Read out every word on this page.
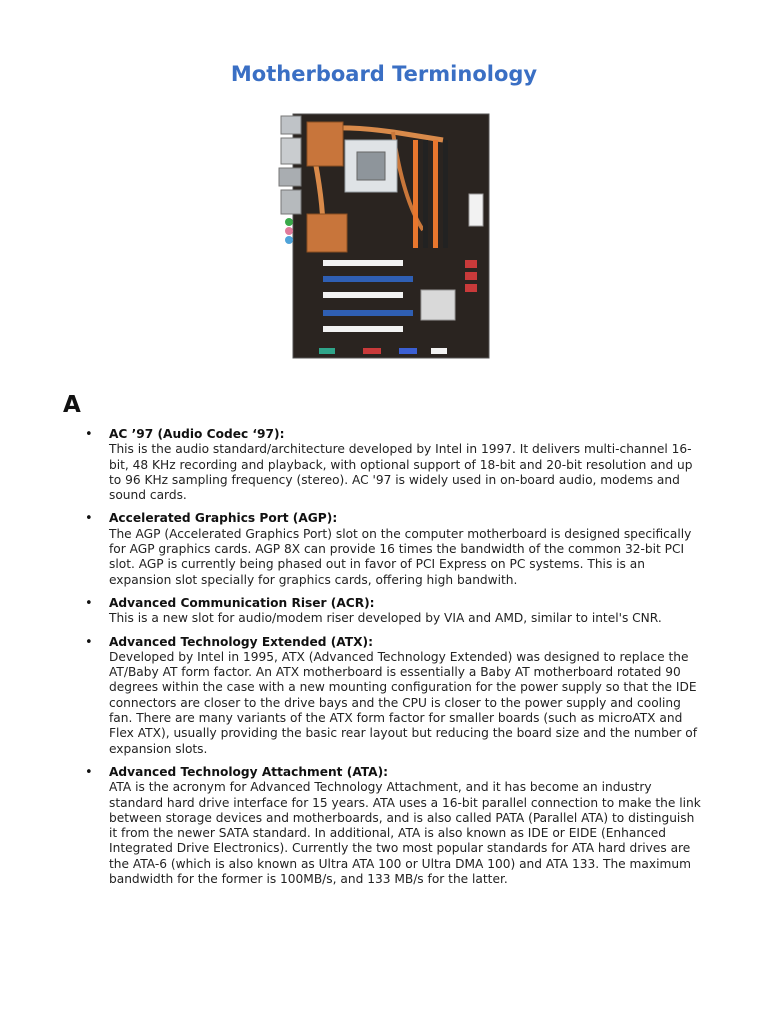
Motherboard Terminology
A
• AC ’97 (Audio Codec ‘97):
This is the audio standard/architecture developed by Intel in 1997. It delivers multi-channel 16-bit, 48 KHz recording and playback, with optional support of 18-bit and 20-bit resolution and up to 96 KHz sampling frequency (stereo). AC '97 is widely used in on-board audio, modems and sound cards.
• Accelerated Graphics Port (AGP):
The AGP (Accelerated Graphics Port) slot on the computer motherboard is designed specifically for AGP graphics cards. AGP 8X can provide 16 times the bandwidth of the common 32-bit PCI slot. AGP is currently being phased out in favor of PCI Express on PC systems. This is an expansion slot specially for graphics cards, offering high bandwith.
• Advanced Communication Riser (ACR):
This is a new slot for audio/modem riser developed by VIA and AMD, similar to intel's CNR.
• Advanced Technology Extended (ATX):
Developed by Intel in 1995, ATX (Advanced Technology Extended) was designed to replace the AT/Baby AT form factor. An ATX motherboard is essentially a Baby AT motherboard rotated 90 degrees within the case with a new mounting configuration for the power supply so that the IDE connectors are closer to the drive bays and the CPU is closer to the power supply and cooling fan. There are many variants of the ATX form factor for smaller boards (such as microATX and Flex ATX), usually providing the basic rear layout but reducing the board size and the number of expansion slots.
• Advanced Technology Attachment (ATA):
ATA is the acronym for Advanced Technology Attachment, and it has become an industry standard hard drive interface for 15 years. ATA uses a 16-bit parallel connection to make the link between storage devices and motherboards, and is also called PATA (Parallel ATA) to distinguish it from the newer SATA standard. In additional, ATA is also known as IDE or EIDE (Enhanced Integrated Drive Electronics). Currently the two most popular standards for ATA hard drives are the ATA-6 (which is also known as Ultra ATA 100 or Ultra DMA 100) and ATA 133. The maximum bandwidth for the former is 100MB/s, and 133 MB/s for the latter.
